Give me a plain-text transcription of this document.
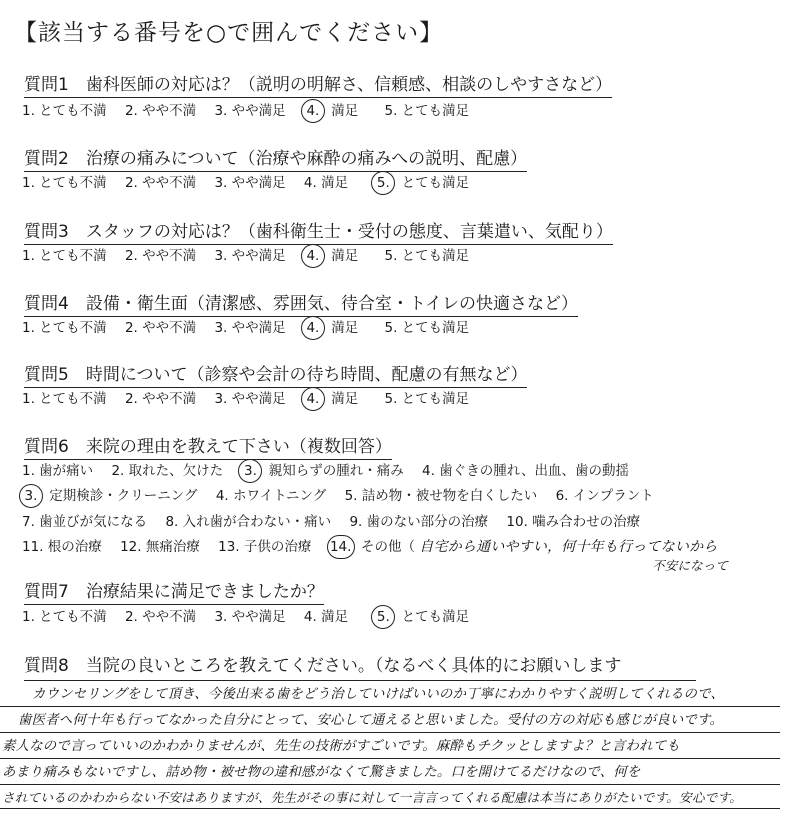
【該当する番号を○で囲んでください】
質問1　歯科医師の対応は？（説明の明解さ、信頼感、相談のしやすさなど）
1. とても不満 2. やや不満 3. やや満足 4. 満足 5. とても満足
質問2　治療の痛みについて（治療や麻酔の痛みへの説明、配慮）
1. とても不満 2. やや不満 3. やや満足 4. 満足 5. とても満足
質問3　スタッフの対応は？（歯科衛生士・受付の態度、言葉遣い、気配り）
1. とても不満 2. やや不満 3. やや満足 4. 満足 5. とても満足
質問4　設備・衛生面（清潔感、雰囲気、待合室・トイレの快適さなど）
1. とても不満 2. やや不満 3. やや満足 4. 満足 5. とても満足
質問5　時間について（診察や会計の待ち時間、配慮の有無など）
1. とても不満 2. やや不満 3. やや満足 4. 満足 5. とても満足
質問6　来院の理由を教えて下さい（複数回答）
1. 歯が痛い 2. 取れた、欠けた 3. 親知らずの腫れ・痛み 4. 歯ぐきの腫れ、出血、歯の動揺
3. 定期検診・クリーニング 4. ホワイトニング 5. 詰め物・被せ物を白くしたい 6. インプラント
7. 歯並びが気になる 8. 入れ歯が合わない・痛い 9. 歯のない部分の治療 10. 噛み合わせの治療
11. 根の治療 12. 無痛治療 13. 子供の治療 14. その他（ 自宅から通いやすい，何十年も行ってないから
不安になって
質問7　治療結果に満足できましたか？
1. とても不満 2. やや不満 3. やや満足 4. 満足 5. とても満足
質問8　当院の良いところを教えてください。（なるべく具体的にお願いします
カウンセリングをして頂き、今後出来る歯をどう治していけばいいのか丁寧にわかりやすく説明してくれるので、
歯医者へ何十年も行ってなかった自分にとって、安心して通えると思いました。受付の方の対応も感じが良いです。
素人なので言っていいのかわかりませんが、先生の技術がすごいです。麻酔もチクッとしますよ？と言われても
あまり痛みもないですし、詰め物・被せ物の違和感がなくて驚きました。口を開けてるだけなので、何を
されているのかわからない不安はありますが、先生がその事に対して一言言ってくれる配慮は本当にありがたいです。安心です。
